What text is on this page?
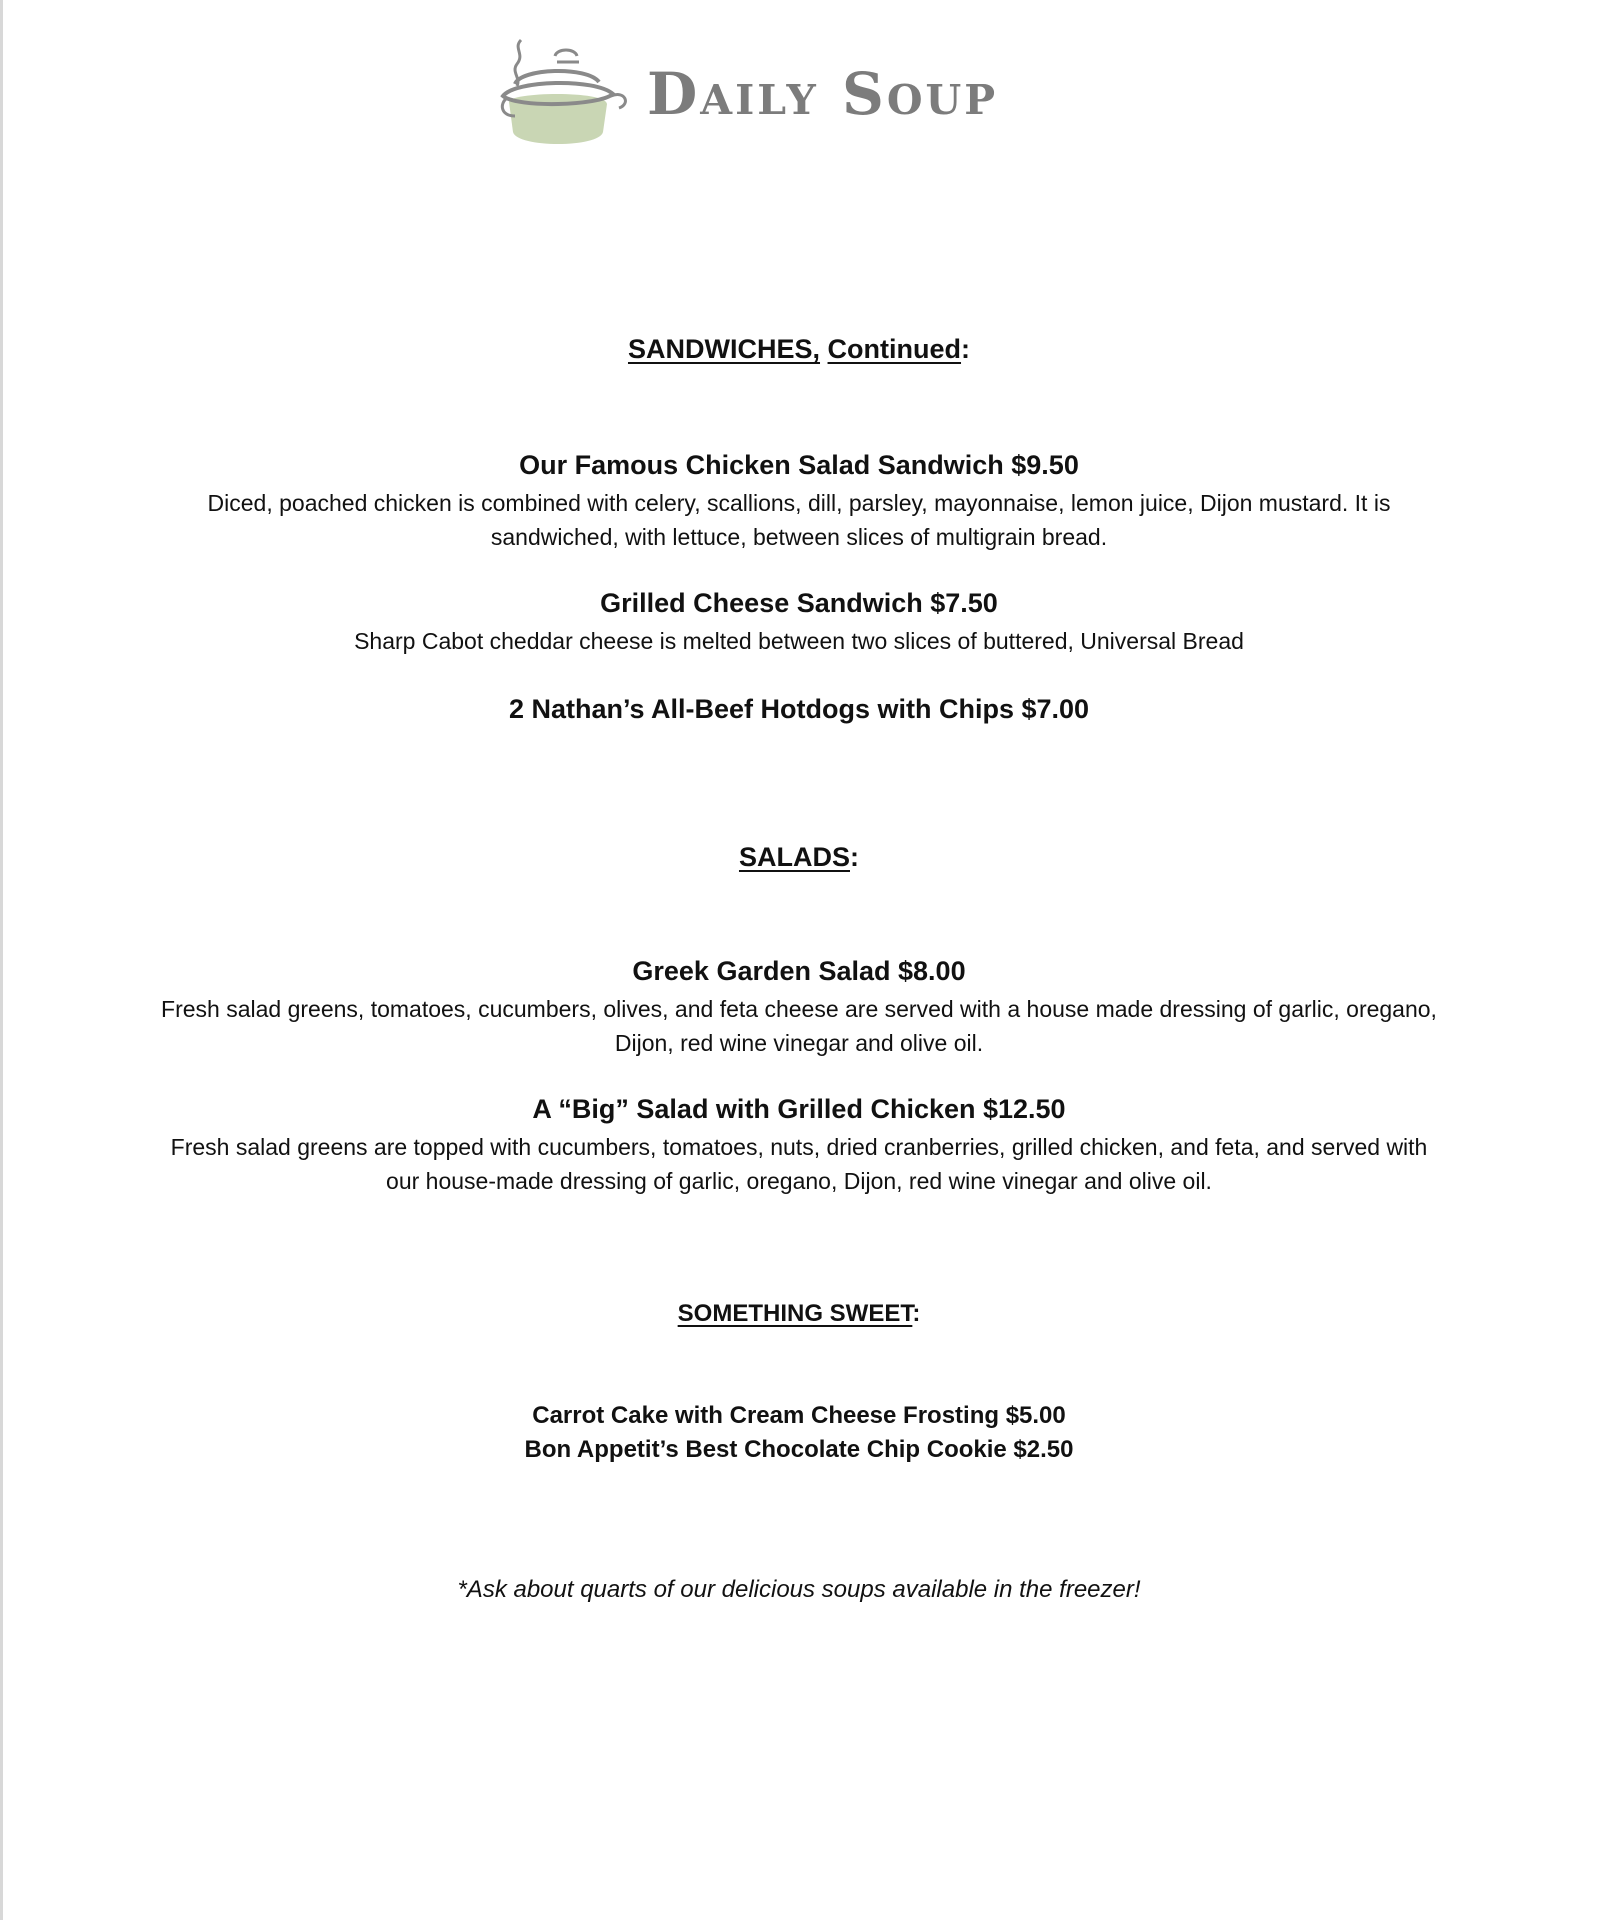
Daily Soup
SANDWICHES, Continued:
Our Famous Chicken Salad Sandwich $9.50
Diced, poached chicken is combined with celery, scallions, dill, parsley, mayonnaise, lemon juice, Dijon mustard. It is sandwiched, with lettuce, between slices of multigrain bread.
Grilled Cheese Sandwich $7.50
Sharp Cabot cheddar cheese is melted between two slices of buttered, Universal Bread
2 Nathan’s All-Beef Hotdogs with Chips $7.00
SALADS:
Greek Garden Salad $8.00
Fresh salad greens, tomatoes, cucumbers, olives, and feta cheese are served with a house made dressing of garlic, oregano, Dijon, red wine vinegar and olive oil.
A “Big” Salad with Grilled Chicken $12.50
Fresh salad greens are topped with cucumbers, tomatoes, nuts, dried cranberries, grilled chicken, and feta, and served with our house-made dressing of garlic, oregano, Dijon, red wine vinegar and olive oil.
SOMETHING SWEET:
Carrot Cake with Cream Cheese Frosting $5.00
Bon Appetit’s Best Chocolate Chip Cookie $2.50
*Ask about quarts of our delicious soups available in the freezer!
